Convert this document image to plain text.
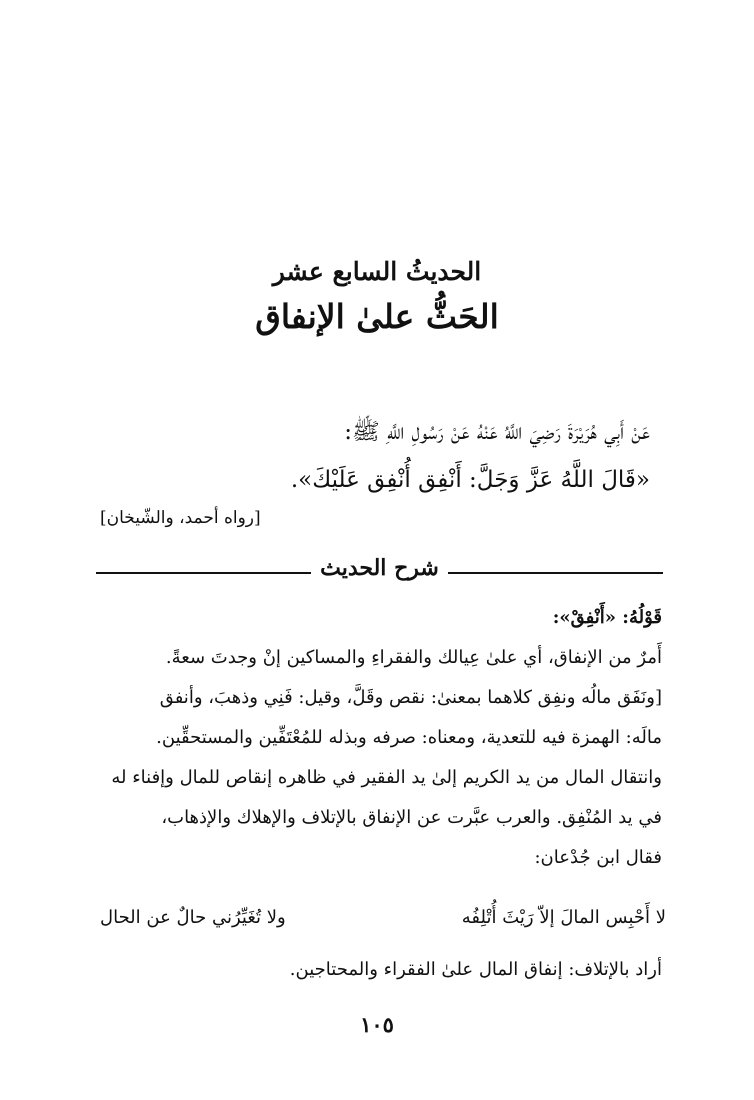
الحديثُ السابع عشر
الحَثُّ علىٰ الإنفاق
عَنْ أَبِي هُرَيْرَةَ رَضِيَ اللَّهُ عَنْهُ عَنْ رَسُولِ اللَّهِ ﷺ:
«قَالَ اللَّهُ عَزَّ وَجَلَّ: أَنْفِق أُنْفِق عَلَيْكَ».
[رواه أحمد، والشّيخان]
شرح الحديث
قَوْلُهُ: «أَنْفِقْ»:
أَمرٌ من الإنفاق، أي علىٰ عِيالك والفقراءِ والمساكين إنْ وجدتَ سعةً.
[ونَفَق مالُه ونفِق كلاهما بمعنىٰ: نقص وقَلَّ، وقيل: فَنِي وذهبَ، وأنفق
مالَه: الهمزة فيه للتعدية، ومعناه: صرفه وبذله للمُعْتَفِّين والمستحقِّين.
وانتقال المال من يد الكريم إلىٰ يد الفقير في ظاهره إنقاص للمال وإفناء له
في يد المُنْفِق. والعرب عبَّرت عن الإنفاق بالإتلاف والإهلاك والإذهاب،
فقال ابن جُدْعان:
لا أَحْبِس المالَ إلاّ رَيْثَ أُتْلِفُه
ولا تُغَيِّرُني حالٌ عن الحال
أراد بالإتلاف: إنفاق المال علىٰ الفقراء والمحتاجين.
١٠٥
